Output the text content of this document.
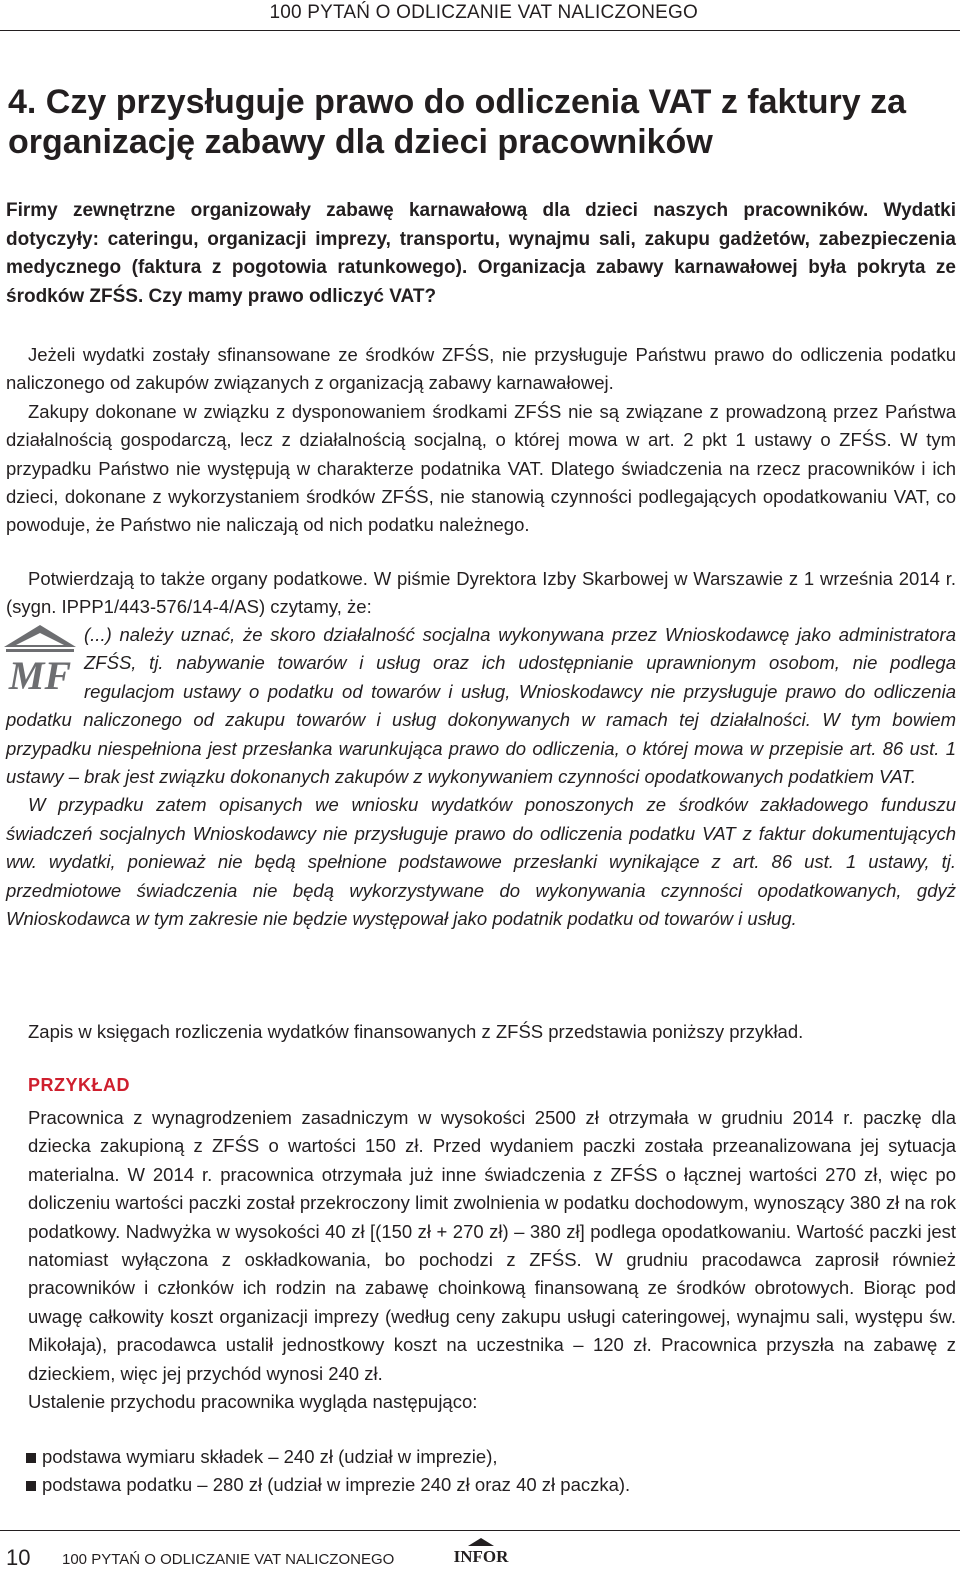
100 PYTAŃ O ODLICZANIE VAT NALICZONEGO
4. Czy przysługuje prawo do odliczenia VAT z faktury za organizację zabawy dla dzieci pracowników

Firmy zewnętrzne organizowały zabawę karnawałową dla dzieci naszych pracowników. Wydatki dotyczyły: cateringu, organizacji imprezy, transportu, wynajmu sali, zakupu gadżetów, zabezpieczenia medycznego (faktura z pogotowia ratunkowego). Organizacja zabawy karnawałowej była pokryta ze środków ZFŚS. Czy mamy prawo odliczyć VAT?

Jeżeli wydatki zostały sfinansowane ze środków ZFŚS, nie przysługuje Państwu prawo do odliczenia podatku naliczonego od zakupów związanych z organizacją zabawy karnawałowej.
Zakupy dokonane w związku z dysponowaniem środkami ZFŚS nie są związane z prowadzoną przez Państwa działalnością gospodarczą, lecz z działalnością socjalną, o której mowa w art. 2 pkt 1 ustawy o ZFŚS. W tym przypadku Państwo nie występują w charakterze podatnika VAT. Dlatego świadczenia na rzecz pracowników i ich dzieci, dokonane z wykorzystaniem środków ZFŚS, nie stanowią czynności podlegających opodatkowaniu VAT, co powoduje, że Państwo nie naliczają od nich podatku należnego.

Potwierdzają to także organy podatkowe. W piśmie Dyrektora Izby Skarbowej w Warszawie z 1 września 2014 r. (sygn. IPPP1/443-576/14-4/AS) czytamy, że:

MF
(...) należy uznać, że skoro działalność socjalna wykonywana przez Wnioskodawcę jako administratora ZFŚS, tj. nabywanie towarów i usług oraz ich udostępnianie uprawnionym osobom, nie podlega regulacjom ustawy o podatku od towarów i usług, Wnioskodawcy nie przysługuje prawo do odliczenia podatku naliczonego od zakupu towarów i usług dokonywanych w ramach tej działalności. W tym bowiem przypadku niespełniona jest przesłanka warunkująca prawo do odliczenia, o której mowa w przepisie art. 86 ust. 1 ustawy – brak jest związku dokonanych zakupów z wykonywaniem czynności opodatkowanych podatkiem VAT.
W przypadku zatem opisanych we wniosku wydatków ponoszonych ze środków zakładowego funduszu świadczeń socjalnych Wnioskodawcy nie przysługuje prawo do odliczenia podatku VAT z faktur dokumentujących ww. wydatki, ponieważ nie będą spełnione podstawowe przesłanki wynikające z art. 86 ust. 1 ustawy, tj. przedmiotowe świadczenia nie będą wykorzystywane do wykonywania czynności opodatkowanych, gdyż Wnioskodawca w tym zakresie nie będzie występował jako podatnik podatku od towarów i usług.

Zapis w księgach rozliczenia wydatków finansowanych z ZFŚS przedstawia poniższy przykład.

PRZYKŁAD

Pracownica z wynagrodzeniem zasadniczym w wysokości 2500 zł otrzymała w grudniu 2014 r. paczkę dla dziecka zakupioną z ZFŚS o wartości 150 zł. Przed wydaniem paczki została przeanalizowana jej sytuacja materialna. W 2014 r. pracownica otrzymała już inne świadczenia z ZFŚS o łącznej wartości 270 zł, więc po doliczeniu wartości paczki został przekroczony limit zwolnienia w podatku dochodowym, wynoszący 380 zł na rok podatkowy. Nadwyżka w wysokości 40 zł [(150 zł + 270 zł) – 380 zł] podlega opodatkowaniu. Wartość paczki jest natomiast wyłączona z oskładkowania, bo pochodzi z ZFŚS. W grudniu pracodawca zaprosił również pracowników i członków ich rodzin na zabawę choinkową finansowaną ze środków obrotowych. Biorąc pod uwagę całkowity koszt organizacji imprezy (według ceny zakupu usługi cateringowej, wynajmu sali, występu św. Mikołaja), pracodawca ustalił jednostkowy koszt na uczestnika – 120 zł. Pracownica przyszła na zabawę z dzieckiem, więc jej przychód wynosi 240 zł.
Ustalenie przychodu pracownika wygląda następująco:
podstawa wymiaru składek – 240 zł (udział w imprezie),
podstawa podatku – 280 zł (udział w imprezie 240 zł oraz 40 zł paczka).
10 100 PYTAŃ O ODLICZANIE VAT NALICZONEGO	INFOR
